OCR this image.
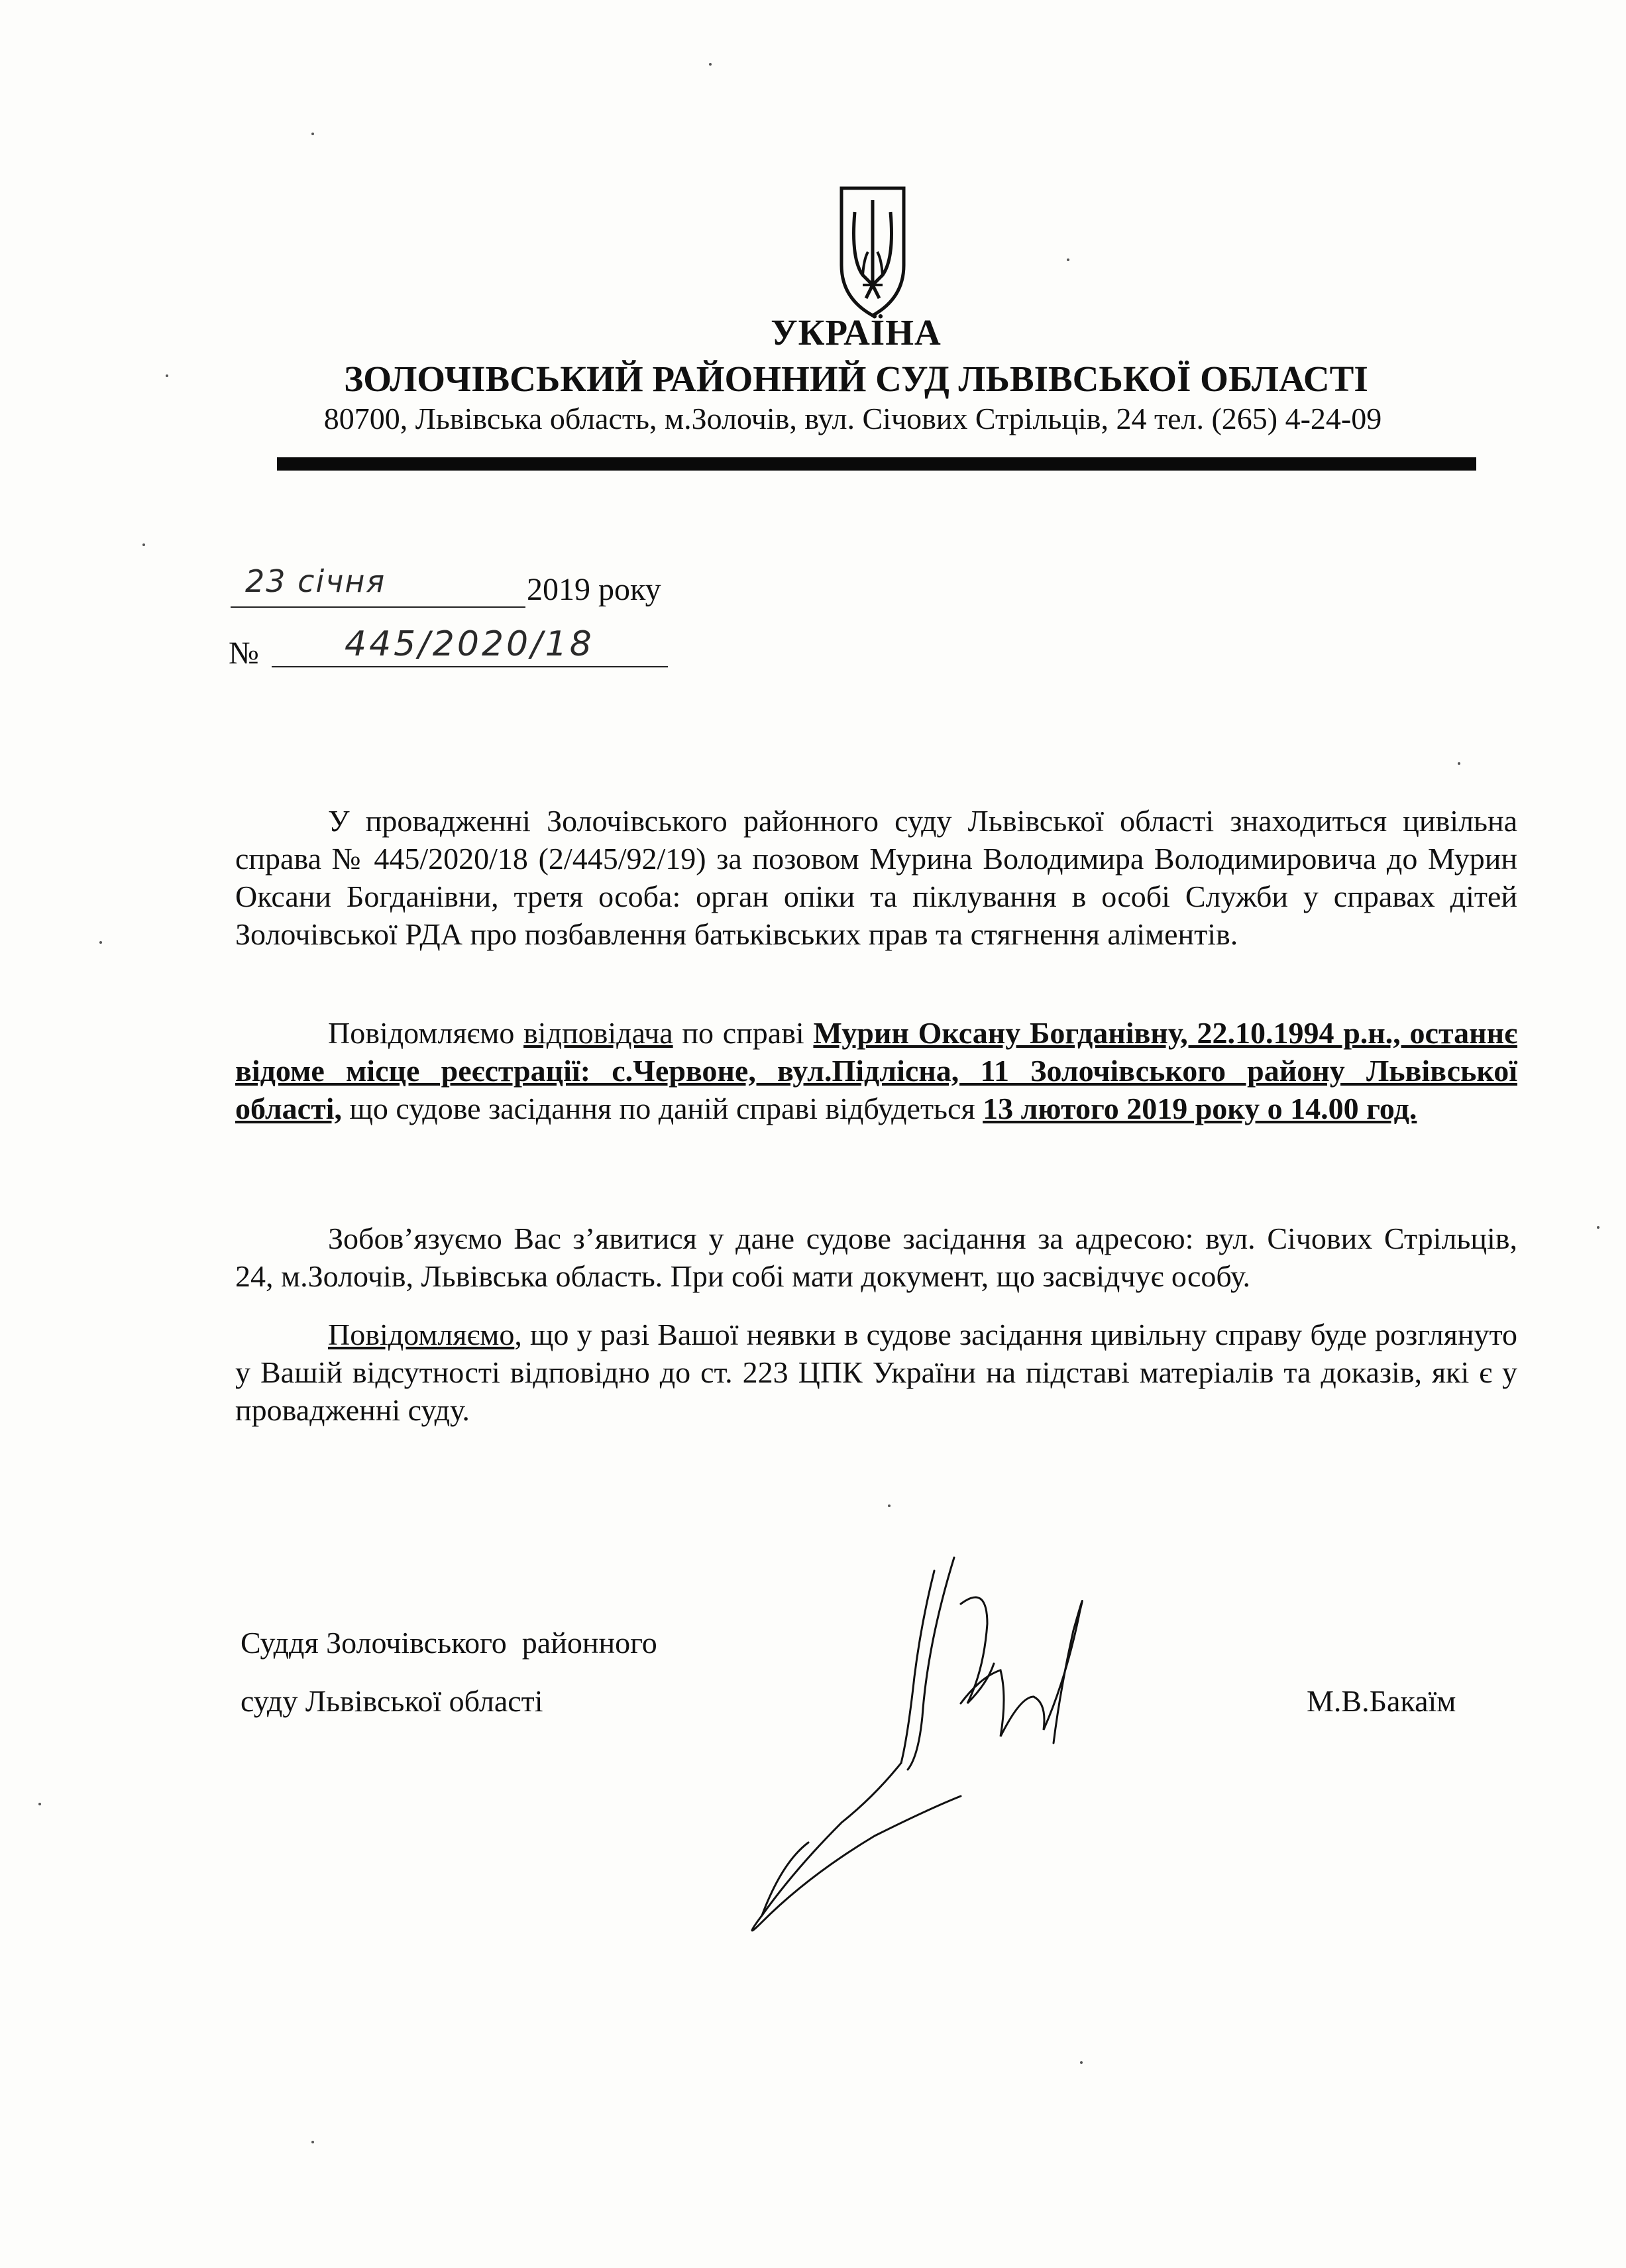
УКРАЇНА
ЗОЛОЧІВСЬКИЙ РАЙОННИЙ СУД ЛЬВІВСЬКОЇ ОБЛАСТІ
80700, Львівська область, м.Золочів, вул. Січових Стрільців, 24 тел. (265) 4-24-09
23 січня	2019 року
№ 445/2020/18

У провадженні Золочівського районного суду Львівської області знаходиться цивільна справа № 445/2020/18 (2/445/92/19) за позовом Мурина Володимира Володимировича до Мурин Оксани Богданівни, третя особа: орган опіки та піклування в особі Служби у справах дітей Золочівської РДА про позбавлення батьківських прав та стягнення аліментів.

Повідомляємо відповідача по справі Мурин Оксану Богданівну, 22.10.1994 р.н., останнє відоме місце реєстрації: с.Червоне, вул.Підлісна, 11 Золочівського району Львівської області, що судове засідання по даній справі відбудеться 13 лютого 2019 року о 14.00 год.

Зобов’язуємо Вас з’явитися у дане судове засідання за адресою: вул. Січових Стрільців, 24, м.Золочів, Львівська область. При собі мати документ, що засвідчує особу.

Повідомляємо, що у разі Вашої неявки в судове засідання цивільну справу буде розглянуто у Вашій відсутності відповідно до ст. 223 ЦПК України на підставі матеріалів та доказів, які є у провадженні суду.

Суддя Золочівського  районного
суду Львівської області	М.В.Бакаїм
